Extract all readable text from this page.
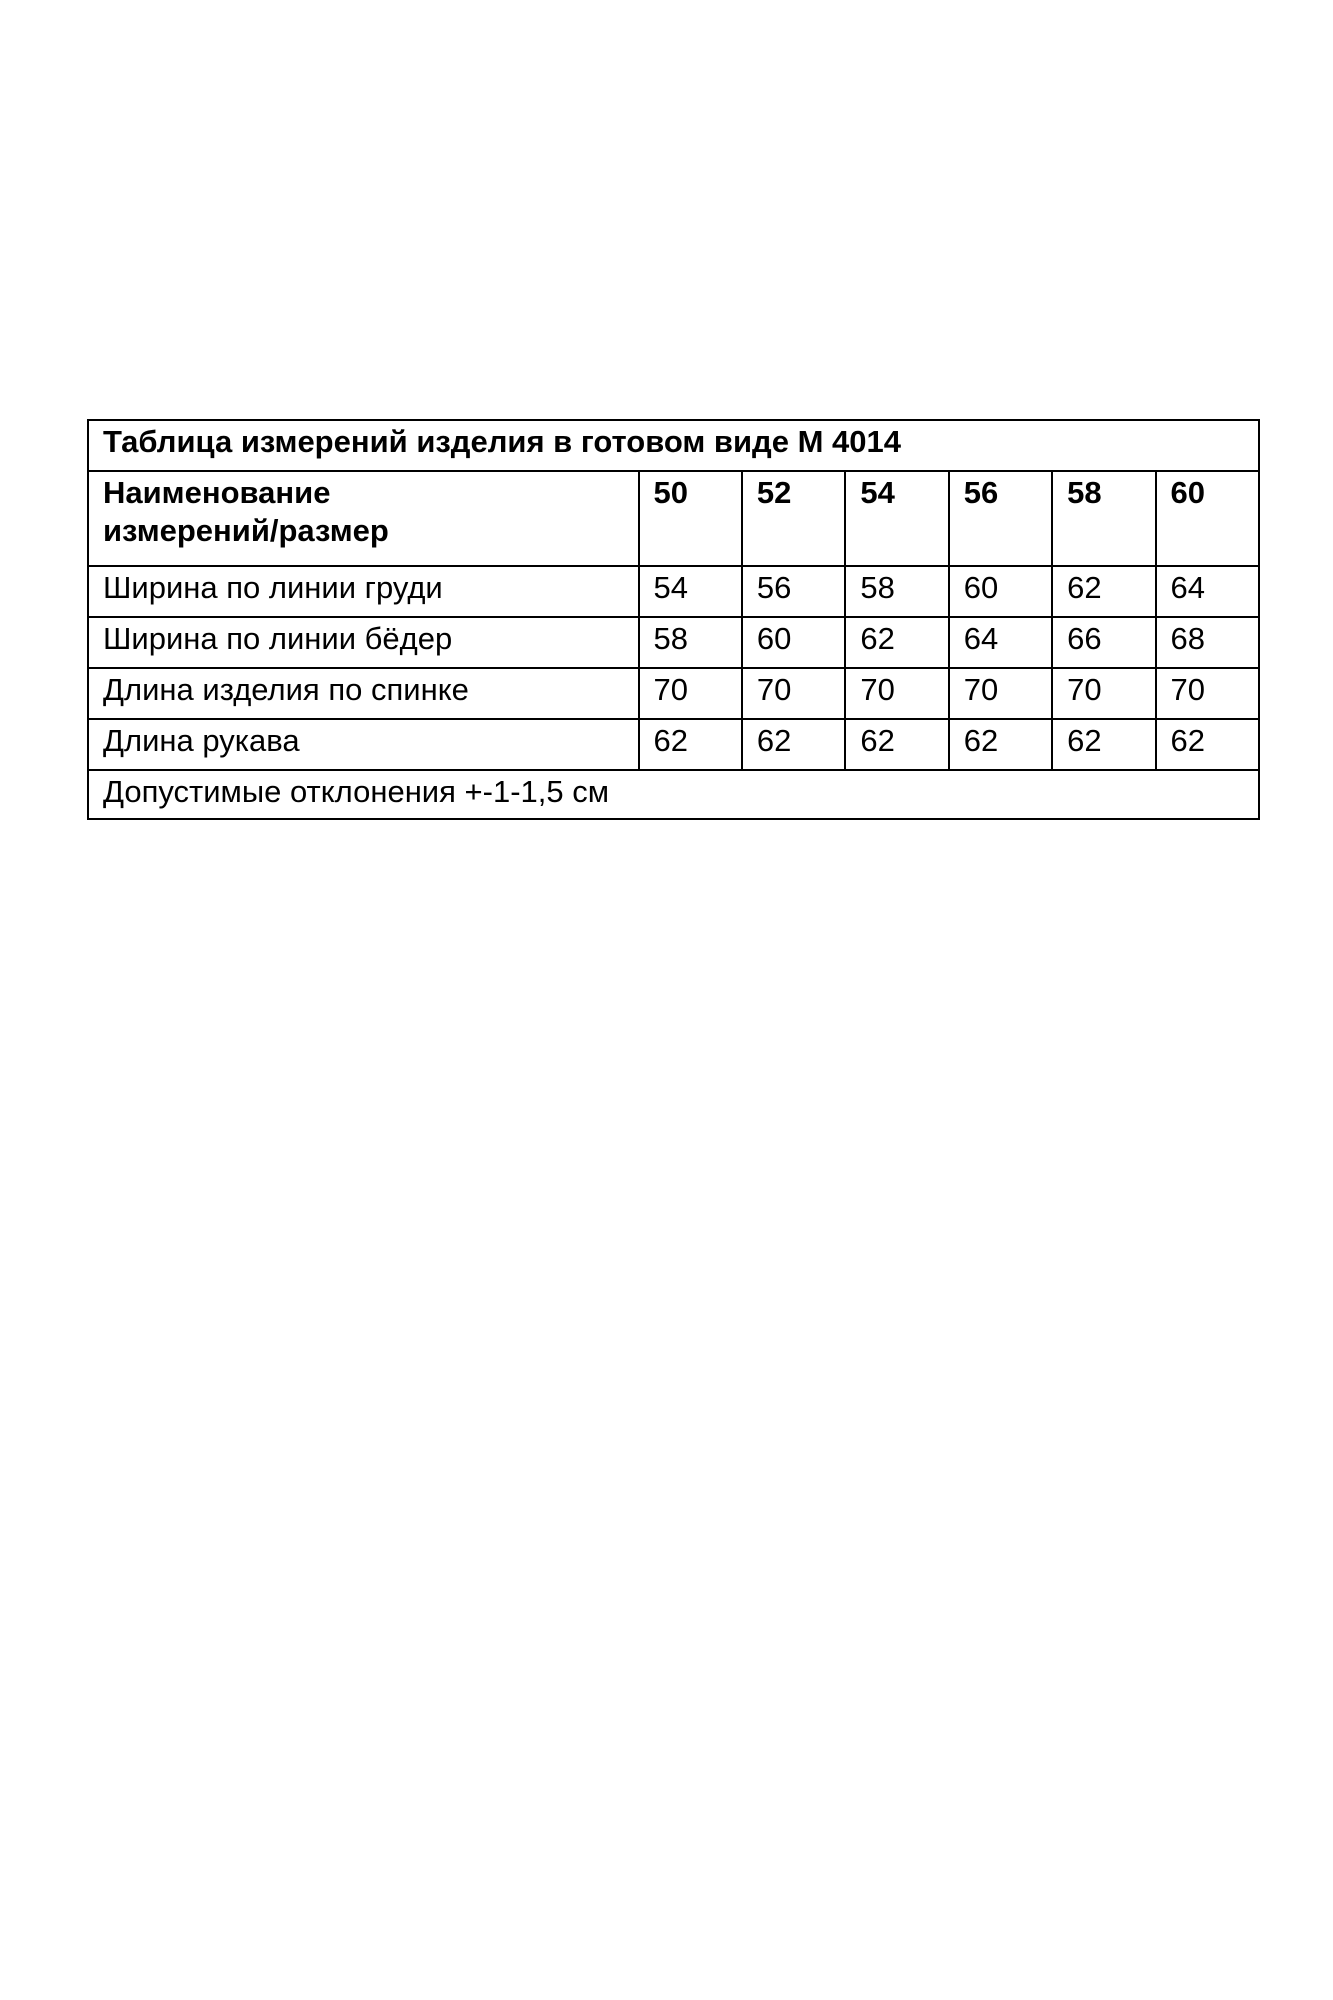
Таблица измерений изделия в готовом виде М 4014						
Наименование
измерений/размер	50	52	54	56	58	60
Ширина по линии груди	54	56	58	60	62	64
Ширина по линии бёдер	58	60	62	64	66	68
Длина изделия по спинке	70	70	70	70	70	70
Длина рукава	62	62	62	62	62	62
Допустимые отклонения +-1-1,5 см						
